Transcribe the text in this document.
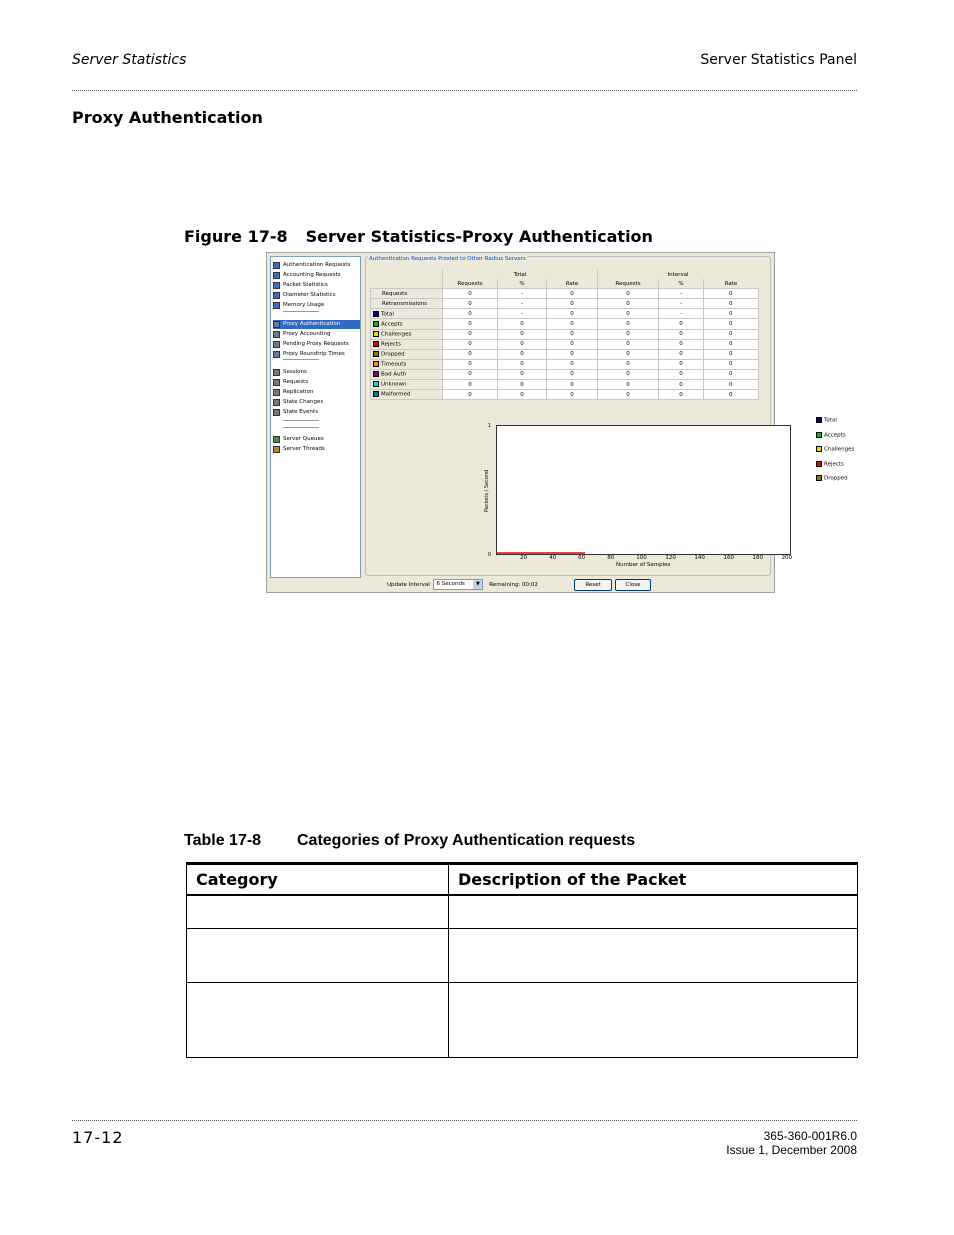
Server Statistics	Server Statistics Panel
Proxy Authentication
Figure 17-8 Server Statistics-Proxy Authentication
Authentication Requests
Accounting Requests
Packet Statistics
Diameter Statistics
Memory Usage
Proxy Authentication
Proxy Accounting
Pending Proxy Requests
Proxy Roundtrip Times
Sessions
Requests
Replication
State Changes
State Events
Server Queues
Server Threads
Authentication Requests Proxied to Other Radius Servers
	Total			Interval		
	Requests	%	Rate	Requests	%	Rate
Requests	0	-	0	0	-	0
Retransmissions	0	-	0	0	-	0
Total	0	-	0	0	-	0
Accepts	0	0	0	0	0	0
Challenges	0	0	0	0	0	0
Rejects	0	0	0	0	0	0
Dropped	0	0	0	0	0	0
Timeouts	0	0	0	0	0	0
Bad Auth	0	0	0	0	0	0
Unknown	0	0	0	0	0	0
Malformed	0	0	0	0	0	0
1
0
Packets / Second
20	40	60	80	100	120	140	160	180	200
Number of Samples
Total
Accepts
Challenges
Rejects
Dropped
Update Interval 6 Seconds	▼	Remaining: 00:02	Reset	Close
Table 17-8 Categories of Proxy Authentication requests
Category	Description of the Packet

17-12	365-360-001R6.0
Issue 1, December 2008
